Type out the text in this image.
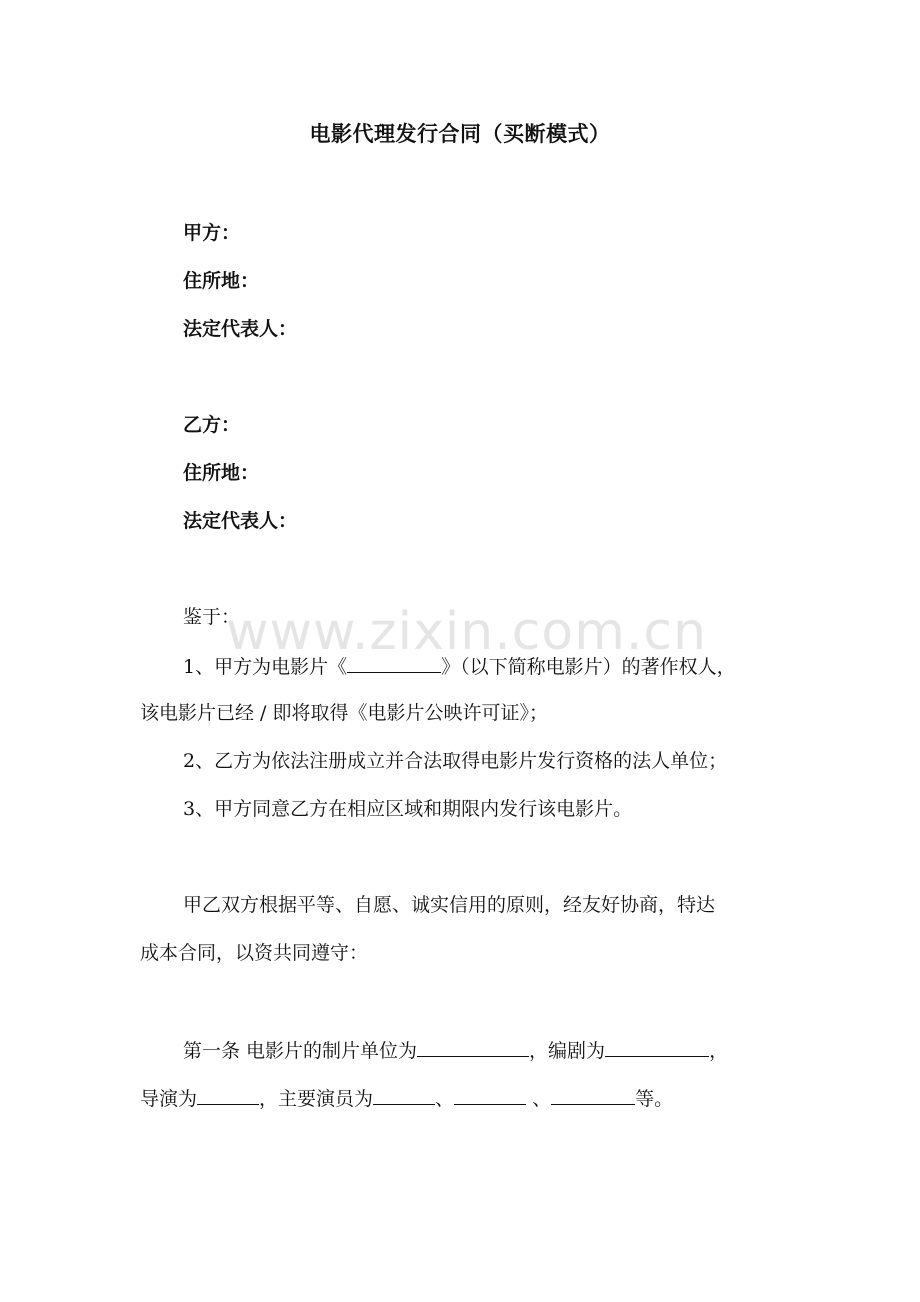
电影代理发行合同（买断模式）
甲方：
住所地：
法定代表人：
乙方：
住所地：
法定代表人：
鉴于：
1、甲方为电影片《	》（以下简称电影片）的著作权人，
该电影片已经 / 即将取得《电影片公映许可证》；
2、乙方为依法注册成立并合法取得电影片发行资格的法人单位；
3、甲方同意乙方在相应区域和期限内发行该电影片。
甲乙双方根据平等、自愿、诚实信用的原则，经友好协商，特达
成本合同，以资共同遵守：
第一条 电影片的制片单位为	，编剧为	，
导演为	，主要演员为	、	、	等。
www.zixin.com.cn
